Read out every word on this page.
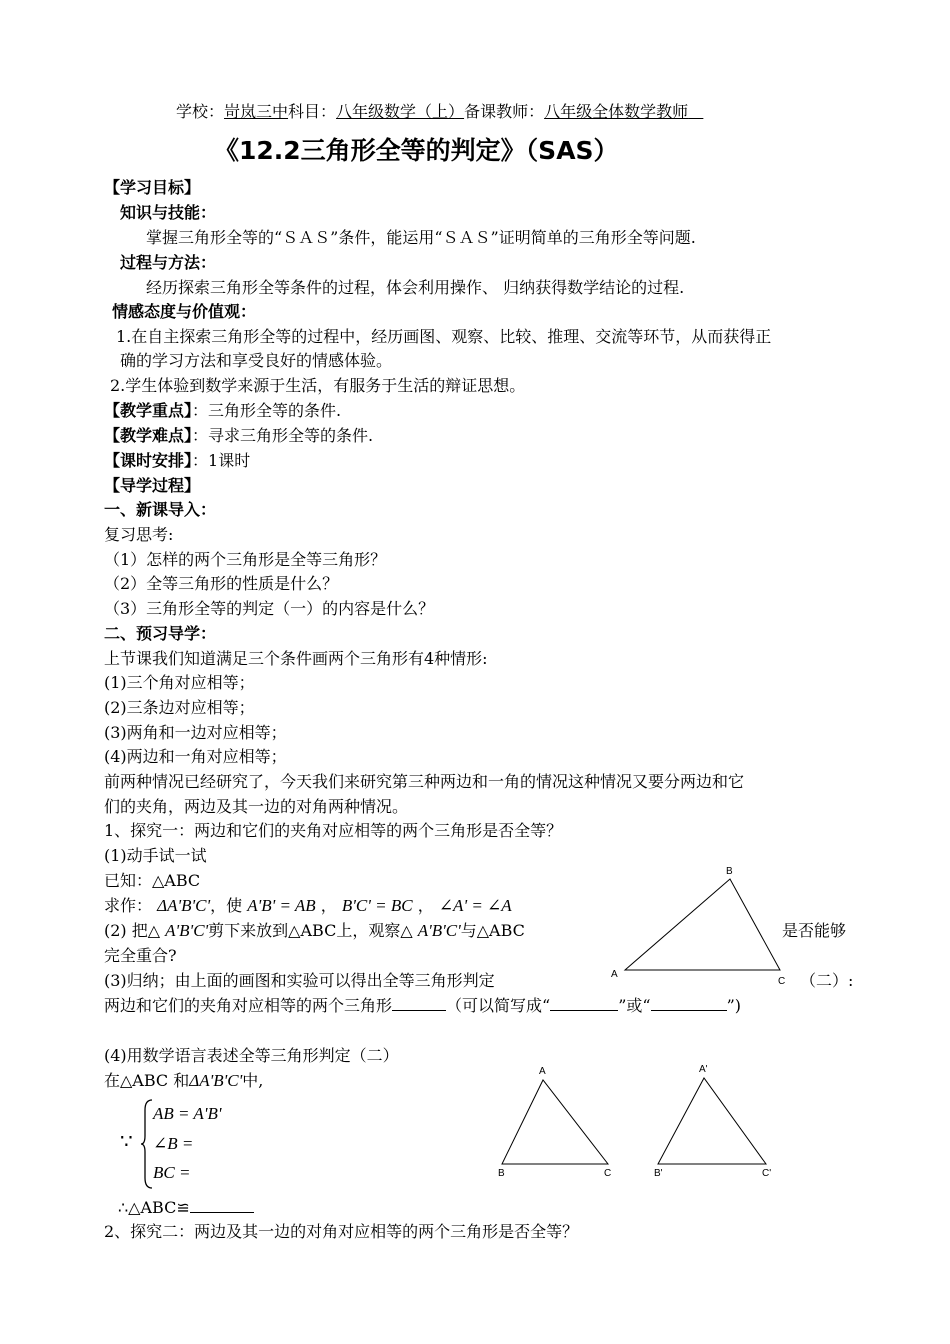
学校：岢岚三中科目：八年级数学（上）备课教师：八年级全体数学教师
《12.2三角形全等的判定》（SAS）
【学习目标】
知识与技能：
掌握三角形全等的“ＳＡＳ”条件，能运用“ＳＡＳ”证明简单的三角形全等问题.
过程与方法：
经历探索三角形全等条件的过程，体会利用操作、 归纳获得数学结论的过程.
情感态度与价值观：
1.在自主探索三角形全等的过程中，经历画图、观察、比较、推理、交流等环节，从而获得正
确的学习方法和享受良好的情感体验。
2.学生体验到数学来源于生活，有服务于生活的辩证思想。
【教学重点】：三角形全等的条件.
【教学难点】：寻求三角形全等的条件.
【课时安排】：1课时
【导学过程】
一、新课导入：
复习思考:
（1）怎样的两个三角形是全等三角形？
（2）全等三角形的性质是什么？
（3）三角形全等的判定（一）的内容是什么？
二、预习导学：
上节课我们知道满足三个条件画两个三角形有4种情形:
(1)三个角对应相等；
(2)三条边对应相等；
(3)两角和一边对应相等；
(4)两边和一角对应相等；
前两种情况已经研究了，今天我们来研究第三种两边和一角的情况这种情况又要分两边和它
们的夹角，两边及其一边的对角两种情况。
1、探究一：两边和它们的夹角对应相等的两个三角形是否全等？
(1)动手试一试
已知：△ABC
求作： ΔA'B'C'，使 A'B' = AB ， B'C' = BC ， ∠A' = ∠A
(2) 把△ A'B'C'剪下来放到△ABC上，观察△ A'B'C'与△ABC	是否能够
完全重合?
(3)归纳；由上面的画图和实验可以得出全等三角形判定	（二）:
两边和它们的夹角对应相等的两个三角形	（可以简写成“	”或“	”)
(4)用数学语言表述全等三角形判定（二）
在△ABC 和ΔA'B'C'中,
∵
AB = A'B'
∠B =
BC =
∴△ABC≌
2、探究二：两边及其一边的对角对应相等的两个三角形是否全等？
B
A
C
A
B	C
A'
B'	C'
